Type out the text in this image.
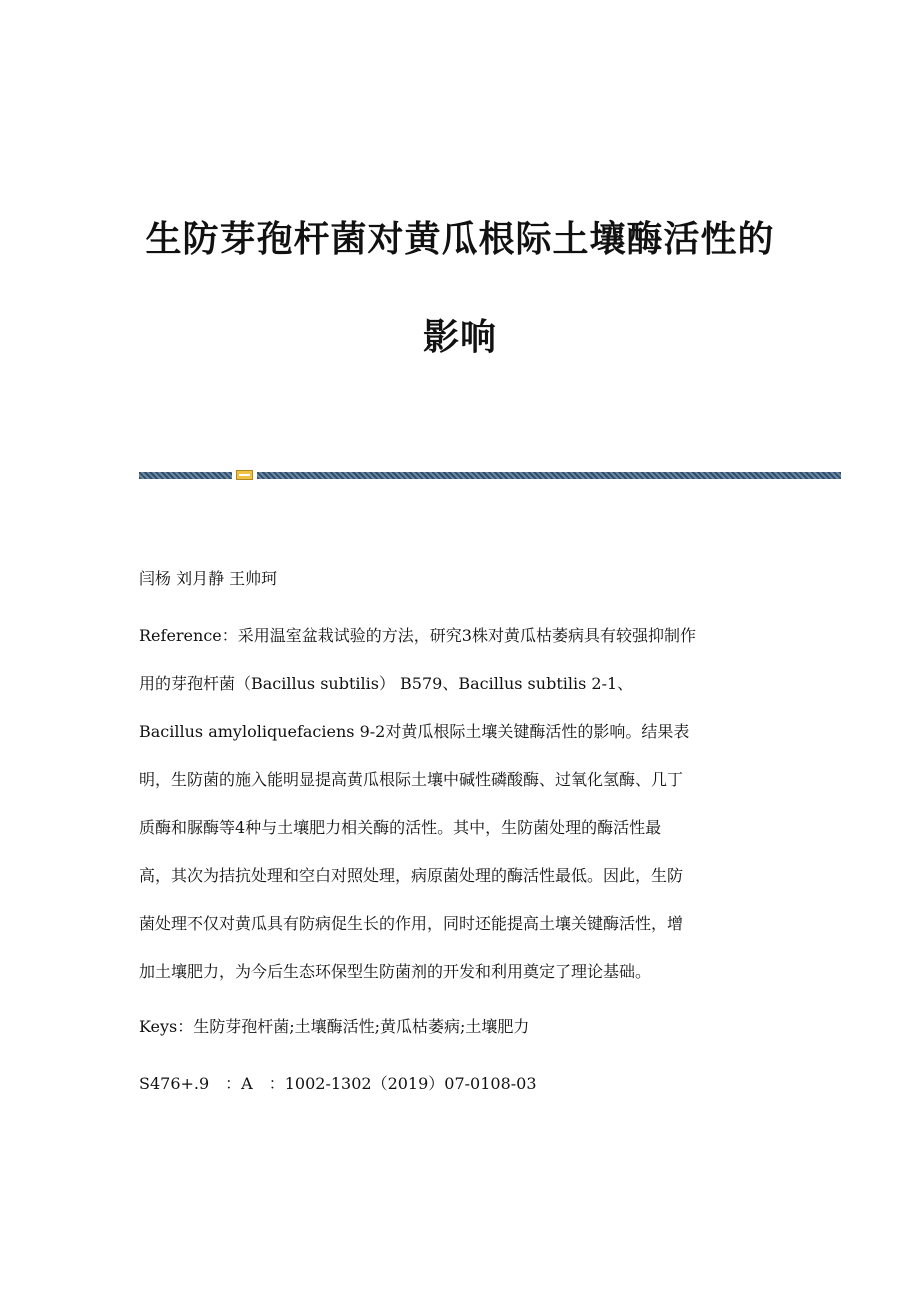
生防芽孢杆菌对黄瓜根际土壤酶活性的
影响
闫杨 刘月静 王帅珂
Reference：采用温室盆栽试验的方法，研究3株对黄瓜枯萎病具有较强抑制作
用的芽孢杆菌（Bacillus subtilis） B579、Bacillus subtilis 2-1、
Bacillus amyloliquefaciens 9-2对黄瓜根际土壤关键酶活性的影响。结果表
明，生防菌的施入能明显提高黄瓜根际土壤中碱性磷酸酶、过氧化氢酶、几丁
质酶和脲酶等4种与土壤肥力相关酶的活性。其中，生防菌处理的酶活性最
高，其次为拮抗处理和空白对照处理，病原菌处理的酶活性最低。因此，生防
菌处理不仅对黄瓜具有防病促生长的作用，同时还能提高土壤关键酶活性，增
加土壤肥力，为今后生态环保型生防菌剂的开发和利用奠定了理论基础。
Keys：生防芽孢杆菌;土壤酶活性;黄瓜枯萎病;土壤肥力
S476+.9　：A　：1002-1302（2019）07-0108-03
